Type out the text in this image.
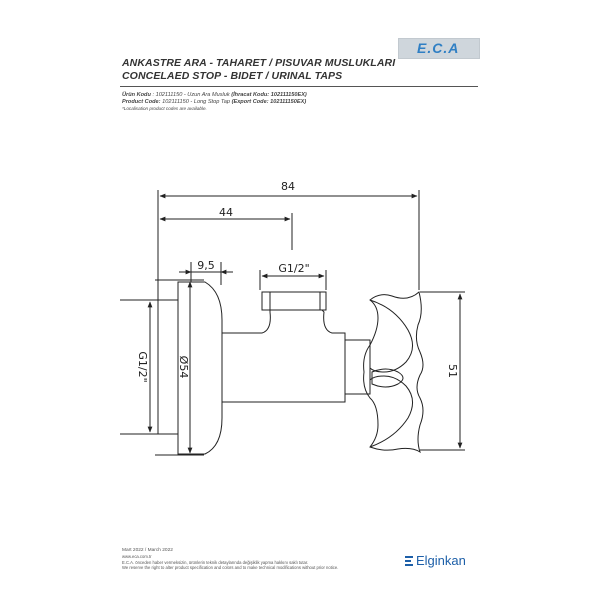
ANKASTRE ARA - TAHARET / PISUVAR MUSLUKLARI
CONCELAED STOP - BIDET / URINAL TAPS
E.C.A
Ürün Kodu : 102111150 - Uzun Ara Musluk (İhracat Kodu: 102111150EX)
Product Code: 102111150 - Long Stop Tap (Export Code: 102111150EX)
*Localisation product codes are available.
84
44
9,5	G1/2"
G1/2"	Ø54	51
Mart 2022 / March 2022
www.eca.com.tr
E.C.A. önceden haber vermeksizin, ürünlerin teknik detaylarında değişiklik yapma hakkını saklı tutar.
We reserve the right to alter product specification and colors and to make technical modifications without prior notice.	Elginkan
